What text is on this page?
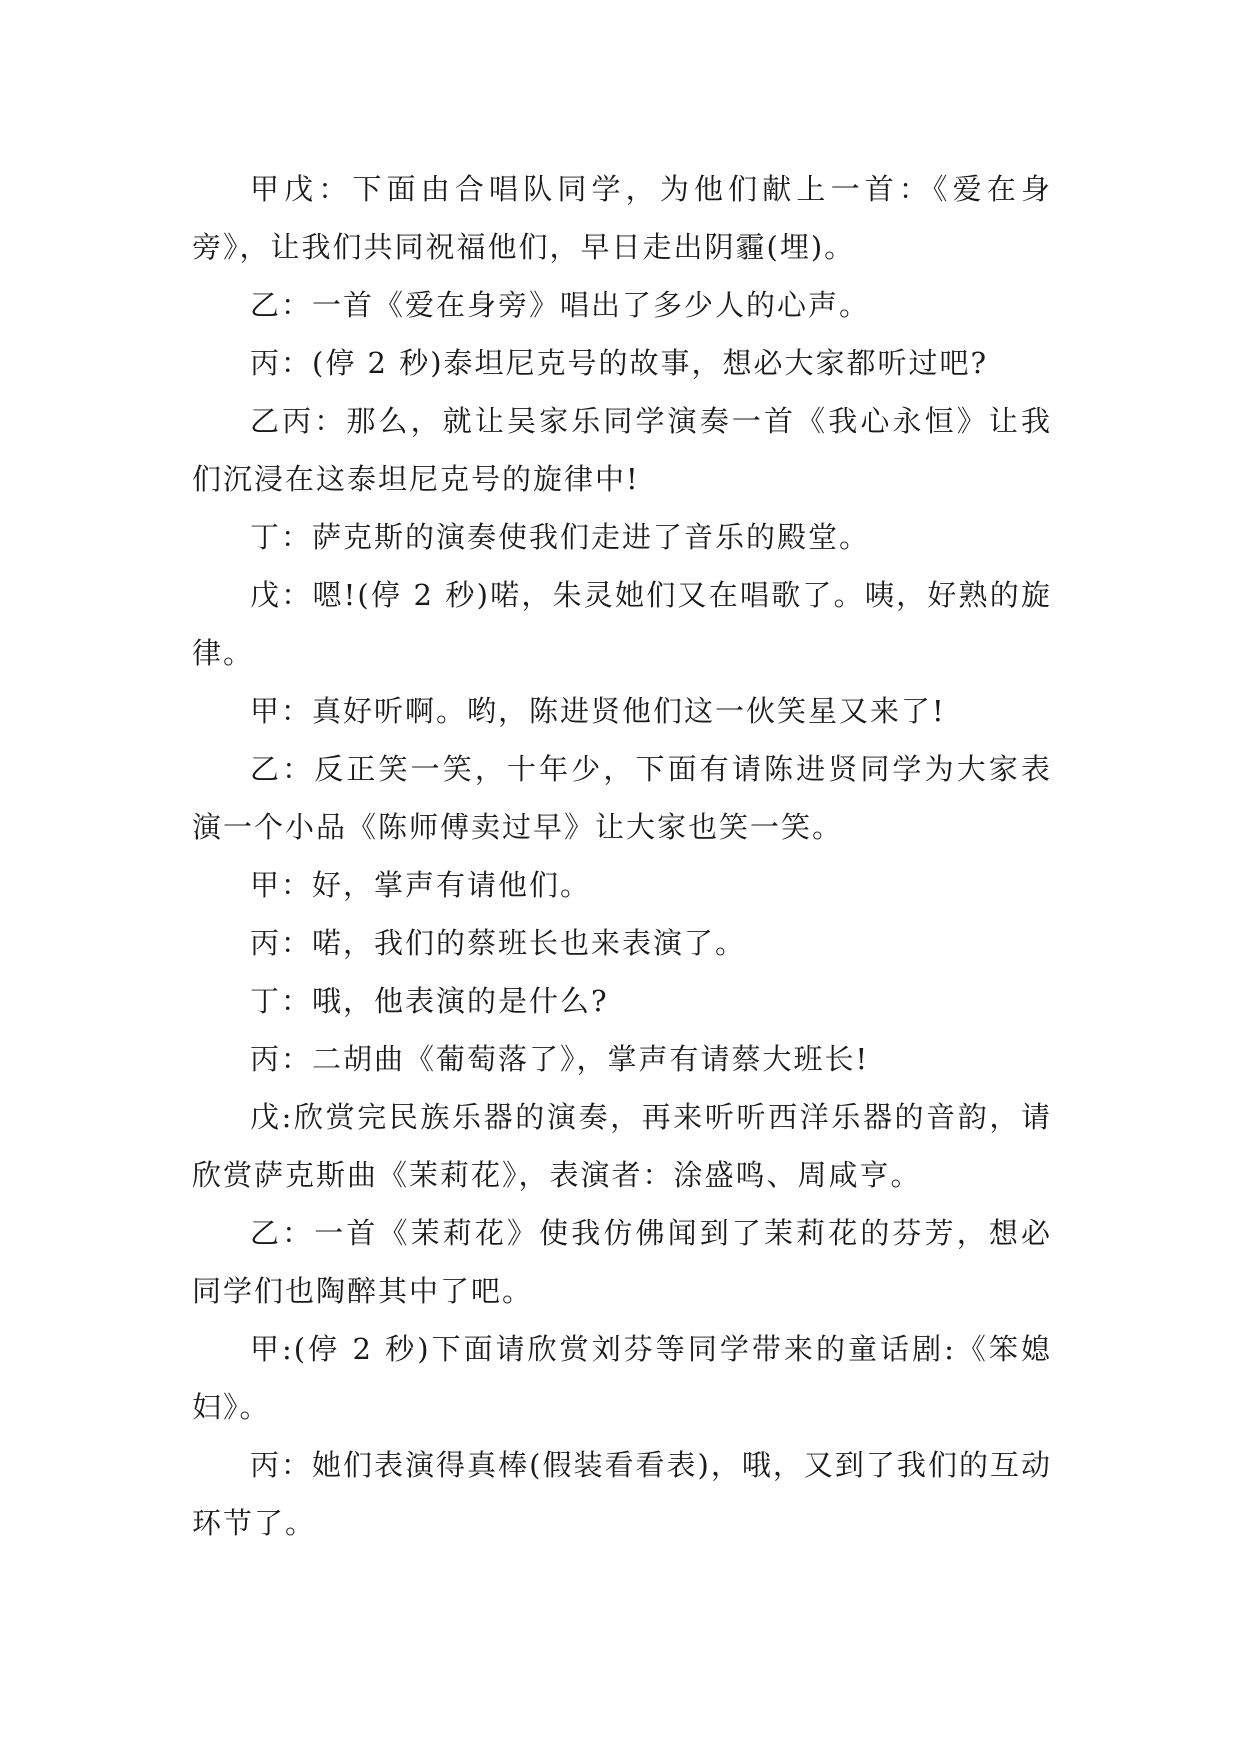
甲戊：下面由合唱队同学，为他们献上一首：《爱在身旁》，让我们共同祝福他们，早日走出阴霾(埋)。

乙：一首《爱在身旁》唱出了多少人的心声。

丙：(停 2 秒)泰坦尼克号的故事，想必大家都听过吧?

乙丙：那么，就让吴家乐同学演奏一首《我心永恒》让我们沉浸在这泰坦尼克号的旋律中!

丁：萨克斯的演奏使我们走进了音乐的殿堂。

戊：嗯!(停 2 秒)喏，朱灵她们又在唱歌了。咦，好熟的旋律。

甲：真好听啊。哟，陈进贤他们这一伙笑星又来了!

乙：反正笑一笑，十年少，下面有请陈进贤同学为大家表演一个小品《陈师傅卖过早》让大家也笑一笑。

甲：好，掌声有请他们。

丙：喏，我们的蔡班长也来表演了。

丁：哦，他表演的是什么?

丙：二胡曲《葡萄落了》，掌声有请蔡大班长!

戊:欣赏完民族乐器的演奏，再来听听西洋乐器的音韵，请欣赏萨克斯曲《茉莉花》，表演者：涂盛鸣、周咸亨。

乙：一首《茉莉花》使我仿佛闻到了茉莉花的芬芳，想必同学们也陶醉其中了吧。

甲:(停 2 秒)下面请欣赏刘芬等同学带来的童话剧:《笨媳妇》。

丙：她们表演得真棒(假装看看表)，哦，又到了我们的互动环节了。
